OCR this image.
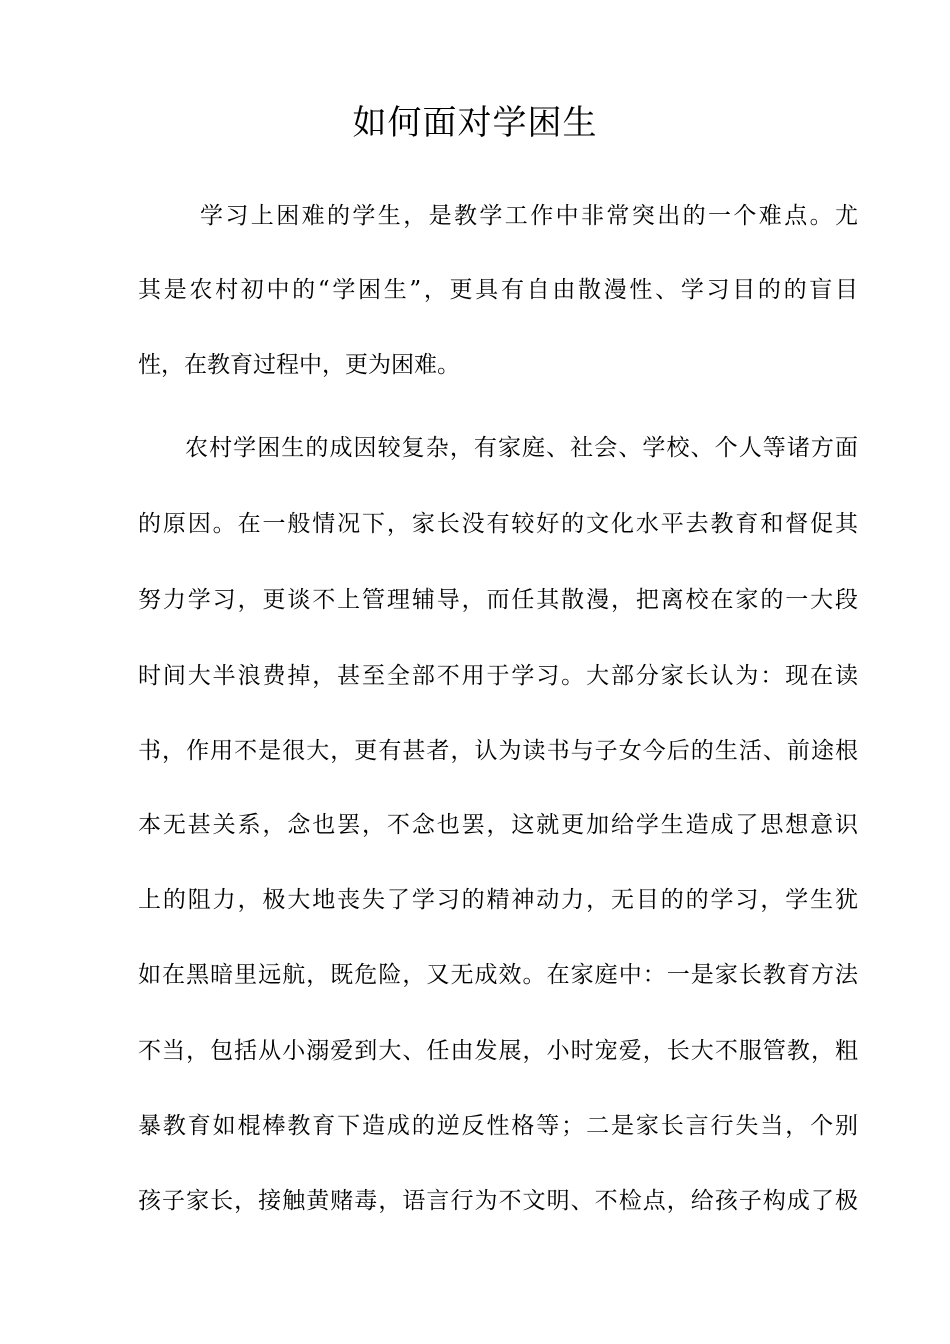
如何面对学困生
学习上困难的学生，是教学工作中非常突出的一个难点。尤
其是农村初中的“学困生”，更具有自由散漫性、学习目的的盲目
性，在教育过程中，更为困难。
农村学困生的成因较复杂，有家庭、社会、学校、个人等诸方面
的原因。在一般情况下，家长没有较好的文化水平去教育和督促其
努力学习，更谈不上管理辅导，而任其散漫，把离校在家的一大段
时间大半浪费掉，甚至全部不用于学习。大部分家长认为：现在读
书，作用不是很大，更有甚者，认为读书与子女今后的生活、前途根
本无甚关系，念也罢，不念也罢，这就更加给学生造成了思想意识
上的阻力，极大地丧失了学习的精神动力，无目的的学习，学生犹
如在黑暗里远航，既危险，又无成效。在家庭中：一是家长教育方法
不当，包括从小溺爱到大、任由发展，小时宠爱，长大不服管教，粗
暴教育如棍棒教育下造成的逆反性格等；二是家长言行失当，个别
孩子家长，接触黄赌毒，语言行为不文明、不检点，给孩子构成了极
